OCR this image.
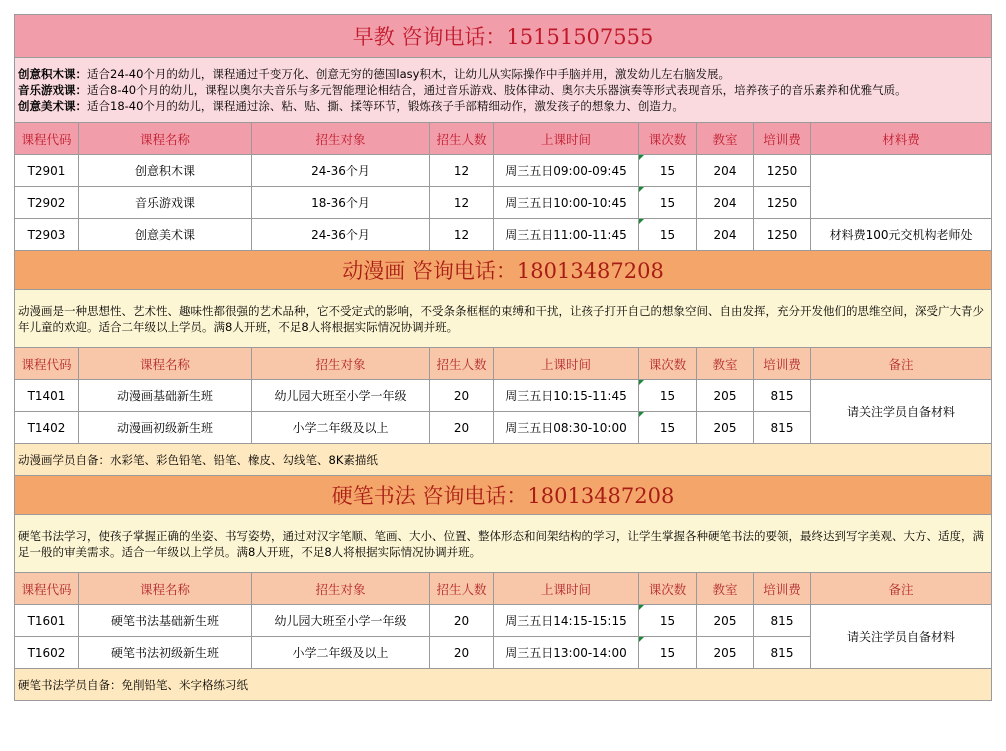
早教 咨询电话：15151507555								

创意积木课：适合24-40个月的幼儿，课程通过千变万化、创意无穷的德国lasy积木，让幼儿从实际操作中手脑并用，激发幼儿左右脑发展。
音乐游戏课：适合8-40个月的幼儿，课程以奥尔夫音乐与多元智能理论相结合，通过音乐游戏、肢体律动、奥尔夫乐器演奏等形式表现音乐，培养孩子的音乐素养和优雅气质。
创意美术课：适合18-40个月的幼儿，课程通过涂、粘、贴、撕、揉等环节，锻炼孩子手部精细动作，激发孩子的想象力、创造力。								

课程代码	课程名称	招生对象	招生人数	上课时间	课次数	教室	培训费	材料费
T2901	创意积木课	24-36个月	12	周三五日09:00-09:45	15	204	1250	
T2902	音乐游戏课	18-36个月	12	周三五日10:00-10:45	15	204	1250	
T2903	创意美术课	24-36个月	12	周三五日11:00-11:45	15	204	1250	材料费100元交机构老师处
动漫画 咨询电话：18013487208								
动漫画是一种思想性、艺术性、趣味性都很强的艺术品种，它不受定式的影响，不受条条框框的束缚和干扰，让孩子打开自己的想象空间、自由发挥，充分开发他们的思维空间，深受广大青少年儿童的欢迎。适合二年级以上学员。满8人开班，不足8人将根据实际情况协调并班。								
课程代码	课程名称	招生对象	招生人数	上课时间	课次数	教室	培训费	备注
T1401	动漫画基础新生班	幼儿园大班至小学一年级	20	周三五日10:15-11:45	15	205	815	请关注学员自备材料
T1402	动漫画初级新生班	小学二年级及以上	20	周三五日08:30-10:00	15	205	815	
动漫画学员自备：水彩笔、彩色铅笔、铅笔、橡皮、勾线笔、8K素描纸								
硬笔书法 咨询电话：18013487208								
硬笔书法学习，使孩子掌握正确的坐姿、书写姿势，通过对汉字笔顺、笔画、大小、位置、整体形态和间架结构的学习，让学生掌握各种硬笔书法的要领，最终达到写字美观、大方、适度，满足一般的审美需求。适合一年级以上学员。满8人开班，不足8人将根据实际情况协调并班。								
课程代码	课程名称	招生对象	招生人数	上课时间	课次数	教室	培训费	备注
T1601	硬笔书法基础新生班	幼儿园大班至小学一年级	20	周三五日14:15-15:15	15	205	815	请关注学员自备材料
T1602	硬笔书法初级新生班	小学二年级及以上	20	周三五日13:00-14:00	15	205	815	
硬笔书法学员自备：免削铅笔、米字格练习纸								
